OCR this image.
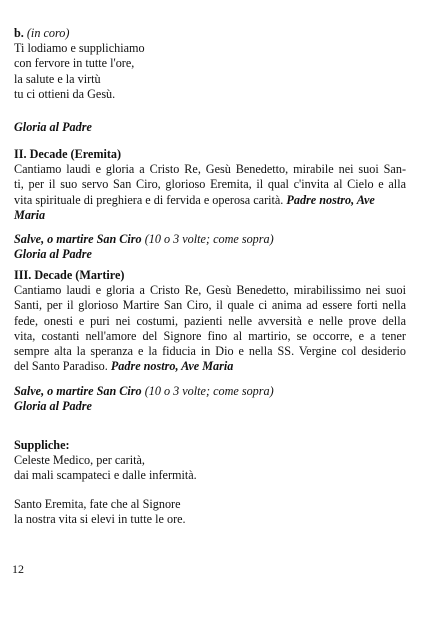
b. (in coro)
Ti lodiamo e supplichiamo
con fervore in tutte l'ore,
la salute e la virtù
tu ci ottieni da Gesù.
Gloria al Padre
II. Decade (Eremita)
Cantiamo laudi e gloria a Cristo Re, Gesù Benedetto, mirabile nei suoi San-
ti, per il suo servo San Ciro, glorioso Eremita, il qual c'invita al Cielo e alla
vita spirituale di preghiera e di fervida e operosa carità. Padre nostro, Ave
Maria
Salve, o martire San Ciro (10 o 3 volte; come sopra)
Gloria al Padre
III. Decade (Martire)
Cantiamo laudi e gloria a Cristo Re, Gesù Benedetto, mirabilissimo nei suoi
Santi, per il glorioso Martire San Ciro, il quale ci anima ad essere forti nella
fede, onesti e puri nei costumi, pazienti nelle avversità e nelle prove della
vita, costanti nell'amore del Signore fino al martirio, se occorre, e a tener
sempre alta la speranza e la fiducia in Dio e nella SS. Vergine col desiderio
del Santo Paradiso. Padre nostro, Ave Maria
Salve, o martire San Ciro (10 o 3 volte; come sopra)
Gloria al Padre
Suppliche:
Celeste Medico, per carità,
dai mali scampateci e dalle infermità.
Santo Eremita, fate che al Signore
la nostra vita si elevi in tutte le ore.
12
